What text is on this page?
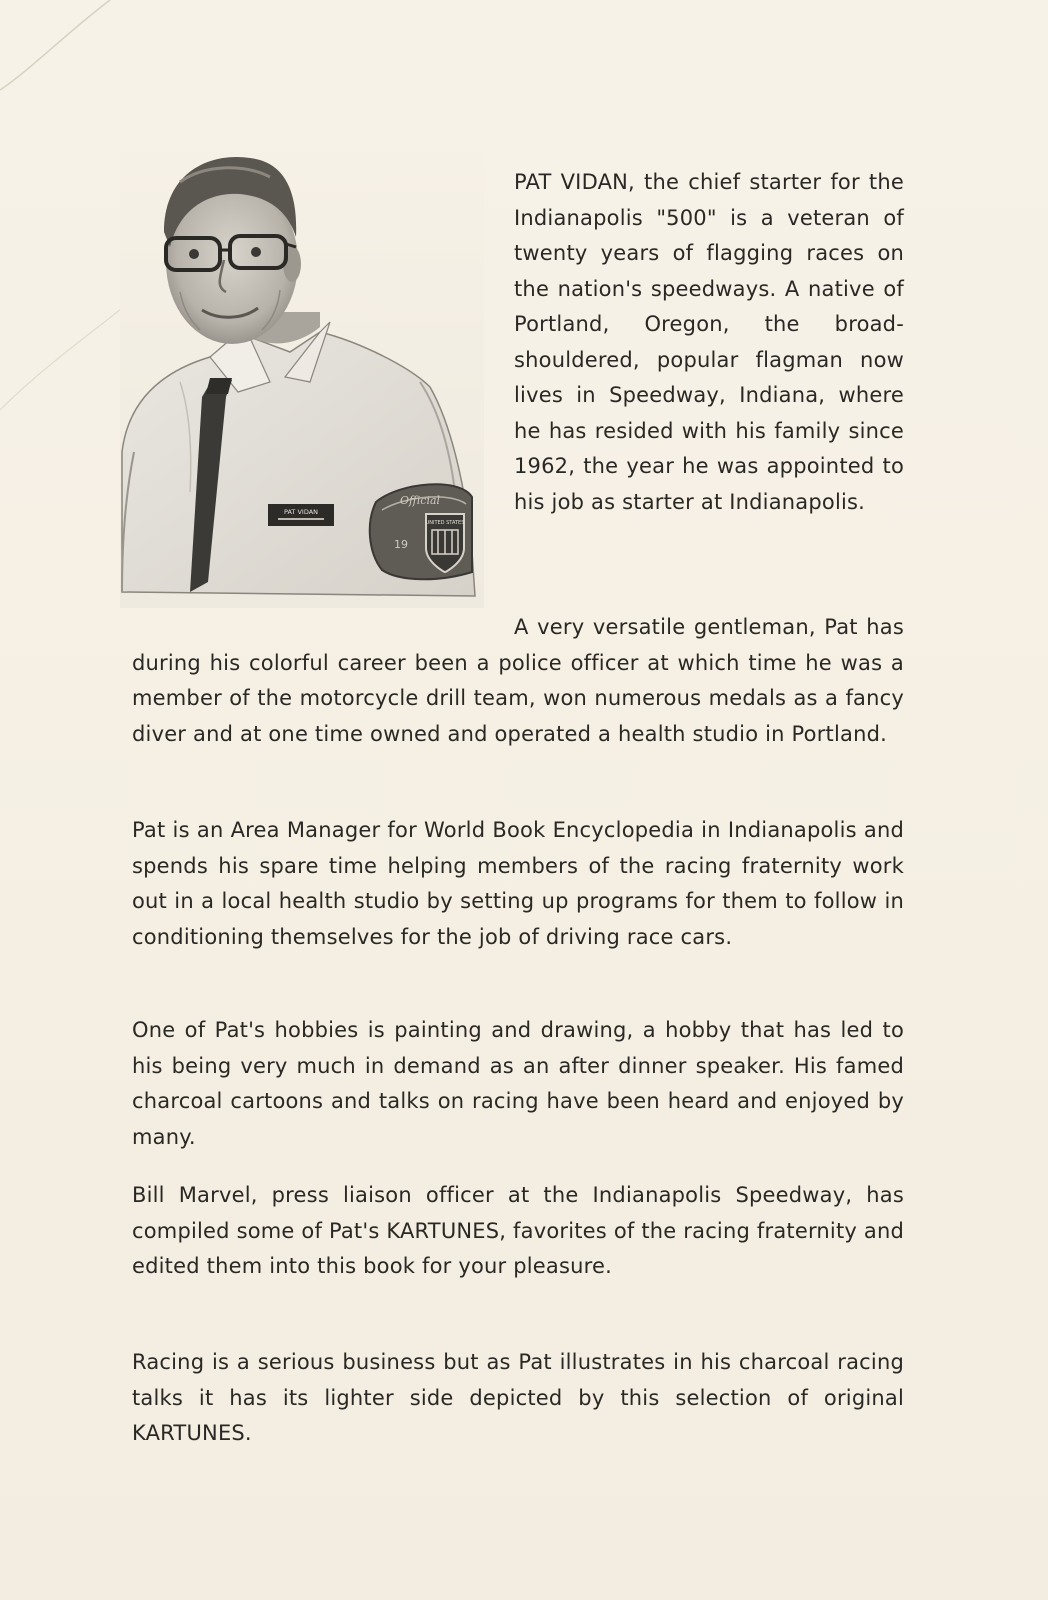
PAT VIDAN
Official
UNITED STATES
19

PAT VIDAN, the chief starter for the Indianapolis "500" is a veteran of twenty years of flagging races on the nation's speedways. A native of Portland, Oregon, the broad-shouldered, popular flagman now lives in Speedway, Indiana, where he has resided with his family since 1962, the year he was appointed to his job as starter at Indianapolis.

A very versatile gentleman, Pat has during his colorful career been a police officer at which time he was a member of the motorcycle drill team, won numerous medals as a fancy diver and at one time owned and operated a health studio in Portland.

Pat is an Area Manager for World Book Encyclopedia in Indianapolis and spends his spare time helping members of the racing fraternity work out in a local health studio by setting up programs for them to follow in conditioning themselves for the job of driving race cars.

One of Pat's hobbies is painting and drawing, a hobby that has led to his being very much in demand as an after dinner speaker. His famed charcoal cartoons and talks on racing have been heard and enjoyed by many.

Bill Marvel, press liaison officer at the Indianapolis Speedway, has compiled some of Pat's KARTUNES, favorites of the racing fraternity and edited them into this book for your pleasure.

Racing is a serious business but as Pat illustrates in his charcoal racing talks it has its lighter side depicted by this selection of original KARTUNES.
